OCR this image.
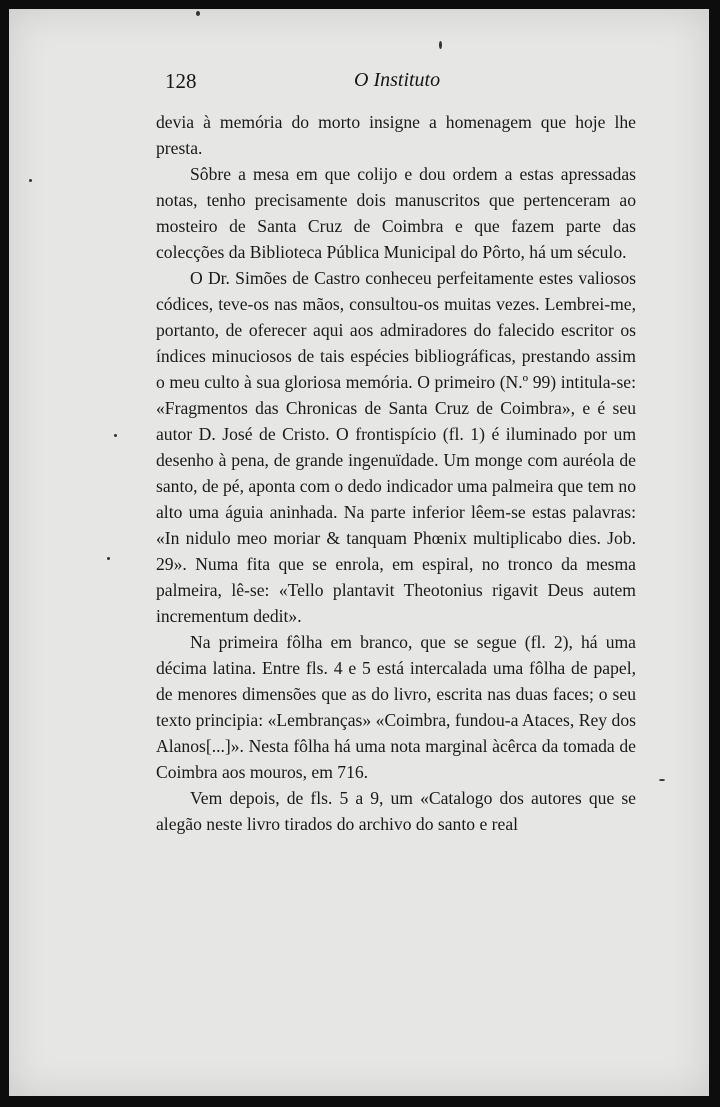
128	O Instituto

devia à memória do morto insigne a homenagem que hoje lhe presta.

Sôbre a mesa em que colijo e dou ordem a estas apressadas notas, tenho precisamente dois manuscritos que pertenceram ao mosteiro de Santa Cruz de Coimbra e que fazem parte das colecções da Biblioteca Pública Municipal do Pôrto, há um século.

O Dr. Simões de Castro conheceu perfeitamente estes valiosos códices, teve-os nas mãos, consultou-os muitas vezes. Lembrei-me, portanto, de oferecer aqui aos admiradores do falecido escritor os índices minuciosos de tais espécies bibliográficas, prestando assim o meu culto à sua gloriosa memória. O primeiro (N.º 99) intitula-se: «Fragmentos das Chronicas de Santa Cruz de Coimbra», e é seu autor D. José de Cristo. O frontispício (fl. 1) é iluminado por um desenho à pena, de grande ingenuïdade. Um monge com auréola de santo, de pé, aponta com o dedo indicador uma palmeira que tem no alto uma águia aninhada. Na parte inferior lêem-se estas palavras: «In nidulo meo moriar & tanquam Phœnix multiplicabo dies. Job. 29». Numa fita que se enrola, em espiral, no tronco da mesma palmeira, lê-se: «Tello plantavit Theotonius rigavit Deus autem incrementum dedit».

Na primeira fôlha em branco, que se segue (fl. 2), há uma décima latina. Entre fls. 4 e 5 está intercalada uma fôlha de papel, de menores dimensões que as do livro, escrita nas duas faces; o seu texto principia: «Lembranças» «Coimbra, fundou-a Ataces, Rey dos Alanos[...]». Nesta fôlha há uma nota marginal àcêrca da tomada de Coimbra aos mouros, em 716.

Vem depois, de fls. 5 a 9, um «Catalogo dos autores que se alegão neste livro tirados do archivo do santo e real
